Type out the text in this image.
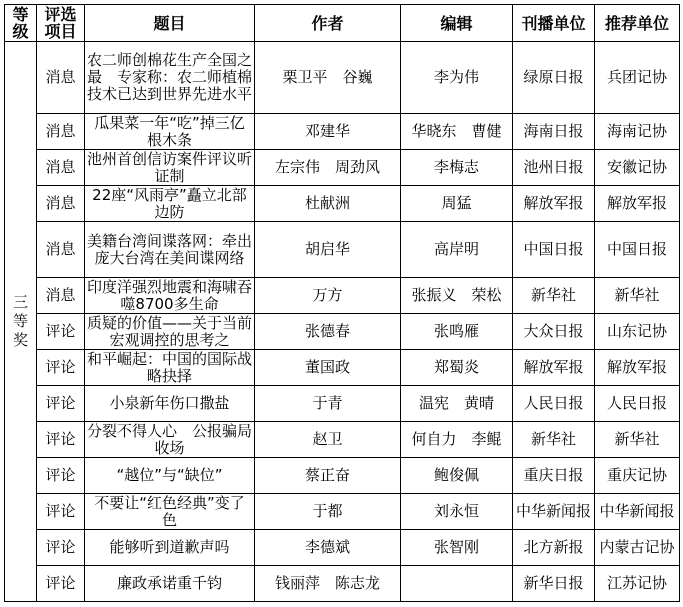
等级	评选项目	题目	作者	编辑	刊播单位	推荐单位
三等奖	消息	农二师创棉花生产全国之最　专家称：农二师植棉技术已达到世界先进水平	栗卫平　谷巍	李为伟	绿原日报	兵团记协
	消息	瓜果菜一年“吃”掉三亿根木条	邓建华	华晓东　曹健	海南日报	海南记协
	消息	池州首创信访案件评议听证制	左宗伟　周劲风	李梅志	池州日报	安徽记协
	消息	22座“风雨亭”矗立北部边防	杜献洲	周猛	解放军报	解放军报
	消息	美籍台湾间谍落网：牵出庞大台湾在美间谍网络	胡启华	高岸明	中国日报	中国日报
	消息	印度洋强烈地震和海啸吞噬8700多生命	万方	张振义　荣松	新华社	新华社
	评论	质疑的价值——关于当前宏观调控的思考之	张德春	张鸣雁	大众日报	山东记协
	评论	和平崛起：中国的国际战略抉择	董国政	郑蜀炎	解放军报	解放军报
	评论	小泉新年伤口撒盐	于青	温宪　黄晴	人民日报	人民日报
	评论	分裂不得人心　公报骗局收场	赵卫	何自力　李鲲	新华社	新华社
	评论	“越位”与“缺位”	蔡正奋	鲍俊佩	重庆日报	重庆记协
	评论	不要让“红色经典”变了色	于都	刘永恒	中华新闻报	中华新闻报
	评论	能够听到道歉声吗	李德斌	张智刚	北方新报	内蒙古记协
	评论	廉政承诺重千钧	钱丽萍　陈志龙		新华日报	江苏记协
